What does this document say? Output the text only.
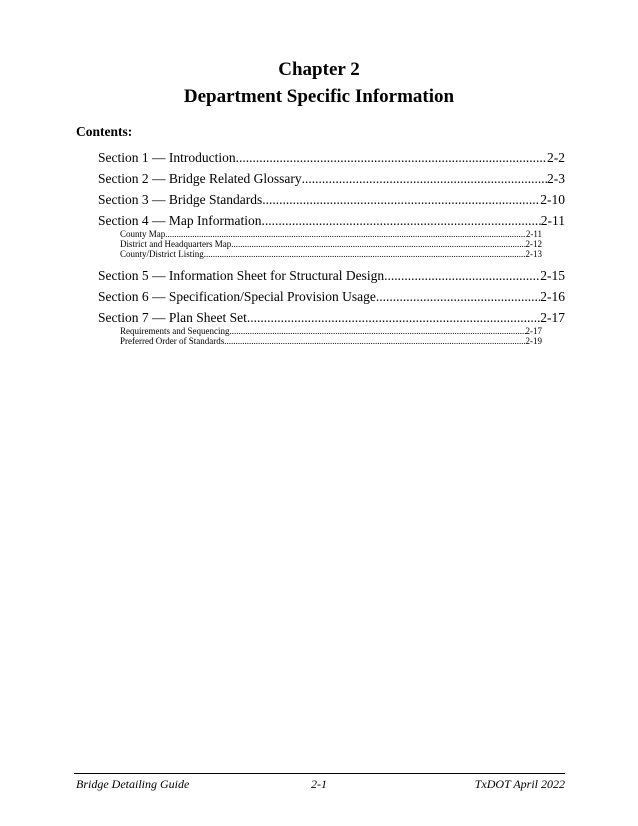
Chapter 2
Department Specific Information
Contents:
Section 1 — Introduction .....	2-2
Section 2 — Bridge Related Glossary .....	2-3
Section 3 — Bridge Standards .....	2-10
Section 4 — Map Information .....	2-11
County Map .....	2-11
District and Headquarters Map .....	2-12
County/District Listing .....	2-13
Section 5 — Information Sheet for Structural Design .....	2-15
Section 6 — Specification/Special Provision Usage .....	2-16
Section 7 — Plan Sheet Set .....	2-17
Requirements and Sequencing .....	2-17
Preferred Order of Standards .....	2-19
Bridge Detailing Guide	2-1	TxDOT April 2022
